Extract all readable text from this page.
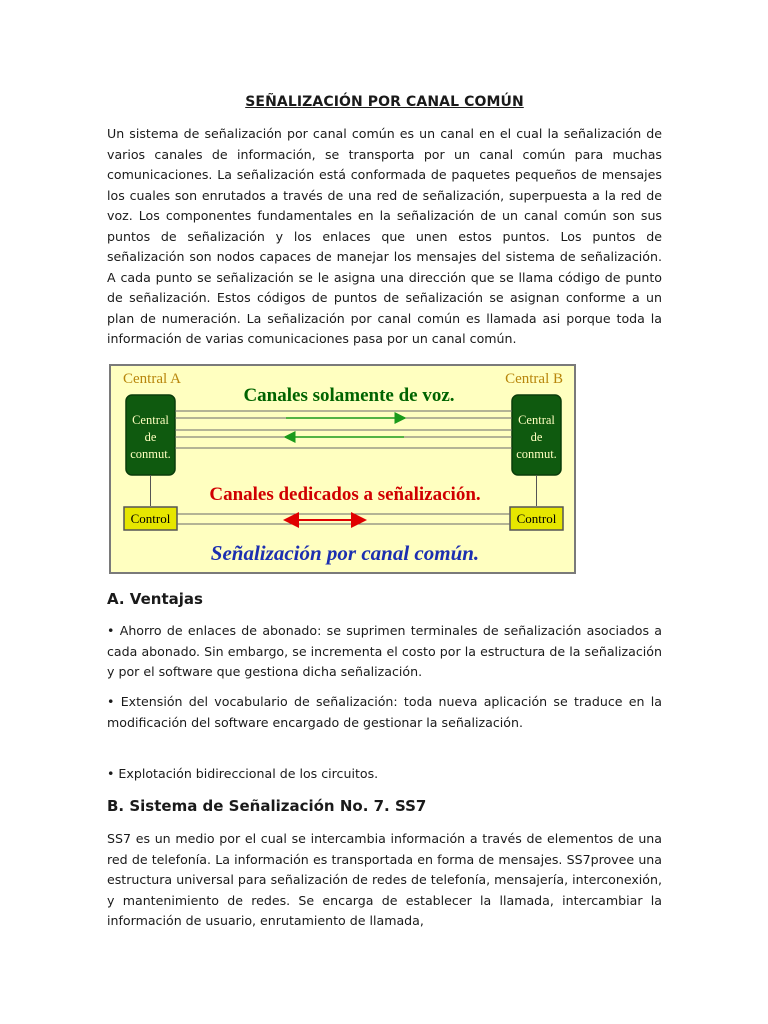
SEÑALIZACIÓN POR CANAL COMÚN

Un sistema de señalización por canal común es un canal en el cual la señalización de varios canales de información, se transporta por un canal común para muchas comunicaciones. La señalización está conformada de paquetes pequeños de mensajes los cuales son enrutados a través de una red de señalización, superpuesta a la red de voz. Los componentes fundamentales en la señalización de un canal común son sus puntos de señalización y los enlaces que unen estos puntos. Los puntos de señalización son nodos capaces de manejar los mensajes del sistema de señalización. A cada punto se señalización se le asigna una dirección que se llama código de punto de señalización. Estos códigos de puntos de señalización se asignan conforme a un plan de numeración. La señalización por canal común es llamada asi porque toda la información de varias comunicaciones pasa por un canal común.

Central A	Central B
Canales solamente de voz.
Central
de
conmut.
Central
de
conmut.
Canales dedicados a señalización.
Control	Control
Señalización por canal común.
A. Ventajas

• Ahorro de enlaces de abonado: se suprimen terminales de señalización asociados a cada abonado. Sin embargo, se incrementa el costo por la estructura de la señalización y por el software que gestiona dicha señalización.

• Extensión del vocabulario de señalización: toda nueva aplicación se traduce en la modificación del software encargado de gestionar la señalización.

• Explotación bidireccional de los circuitos.

B. Sistema de Señalización No. 7. SS7

SS7 es un medio por el cual se intercambia información a través de elementos de una red de telefonía. La información es transportada en forma de mensajes. SS7provee una estructura universal para señalización de redes de telefonía, mensajería, interconexión, y mantenimiento de redes. Se encarga de establecer la llamada, intercambiar la información de usuario, enrutamiento de llamada,
